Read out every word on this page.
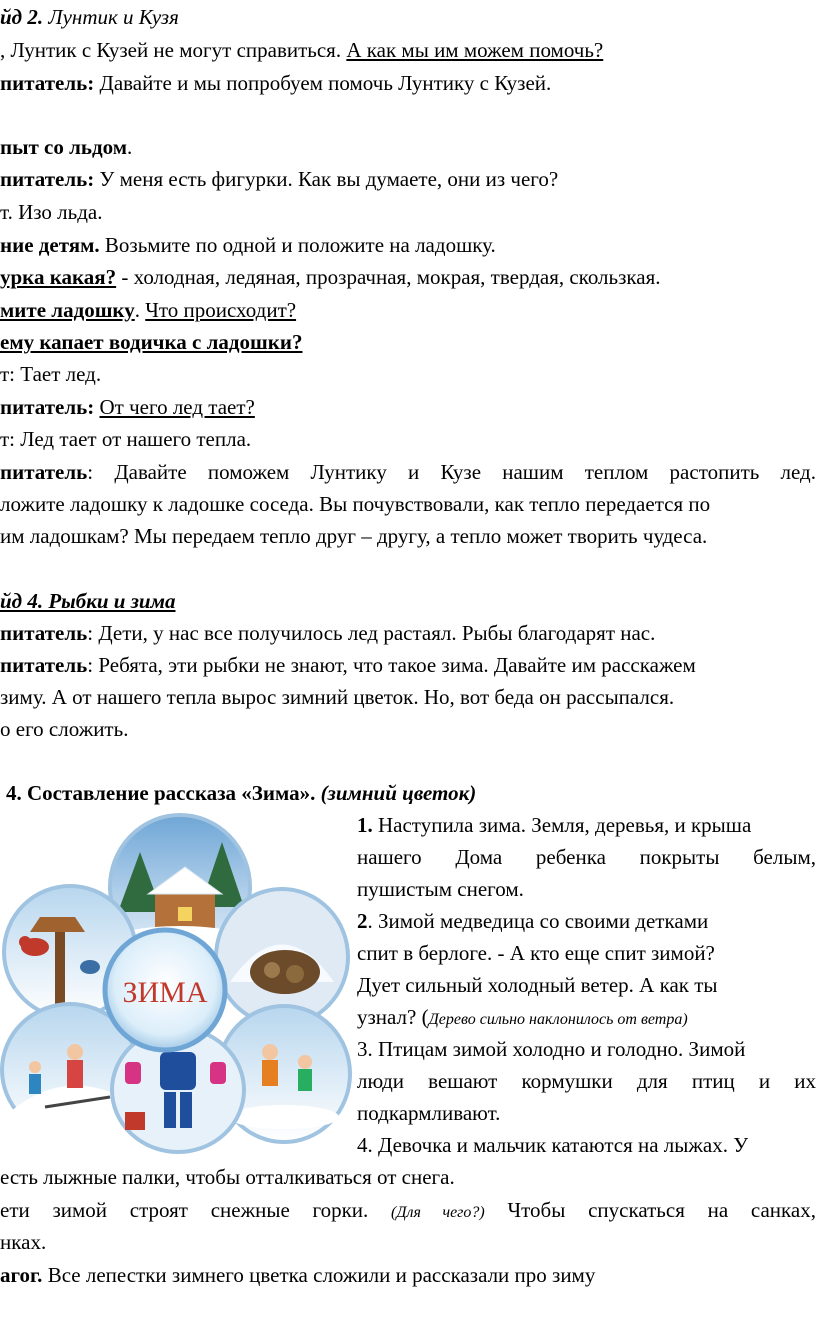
йд 2. Лунтик и Кузя
, Лунтик с Кузей не могут справиться. А как мы им можем помочь?
питатель: Давайте и мы попробуем помочь Лунтику с Кузей.
пыт со льдом.
питатель: У меня есть фигурки. Как вы думаете, они из чего?
т. Изо льда.
ние детям. Возьмите по одной и положите на ладошку.
урка какая? - холодная, ледяная, прозрачная, мокрая, твердая, скользкая.
мите ладошку. Что происходит?
ему капает водичка с ладошки?
т: Тает лед.
питатель: От чего лед тает?
т: Лед тает от нашего тепла.
питатель: Давайте поможем Лунтику и Кузе нашим теплом растопить лед.
ложите ладошку к ладошке соседа. Вы почувствовали, как тепло передается по
им ладошкам? Мы передаем тепло друг – другу, а тепло может творить чудеса.
йд 4. Рыбки и зима
питатель: Дети, у нас все получилось лед растаял. Рыбы благодарят нас.
питатель: Ребята, эти рыбки не знают, что такое зима. Давайте им расскажем
зиму. А от нашего тепла вырос зимний цветок. Но, вот беда он рассыпался.
о его сложить.
4. Составление рассказа «Зима». (зимний цветок)
ЗИМА
1. Наступила зима. Земля, деревья, и крыша
нашего Дома ребенка покрыты белым,
пушистым снегом.
2. Зимой медведица со своими детками
спит в берлоге. - А кто еще спит зимой?
Дует сильный холодный ветер. А как ты
узнал? (Дерево сильно наклонилось от ветра)
3. Птицам зимой холодно и голодно. Зимой
люди вешают кормушки для птиц и их
подкармливают.
4. Девочка и мальчик катаются на лыжах. У
есть лыжные палки, чтобы отталкиваться от снега.
ети зимой строят снежные горки. (Для чего?) Чтобы спускаться на санках,
нках.
агог. Все лепестки зимнего цветка сложили и рассказали про зиму
